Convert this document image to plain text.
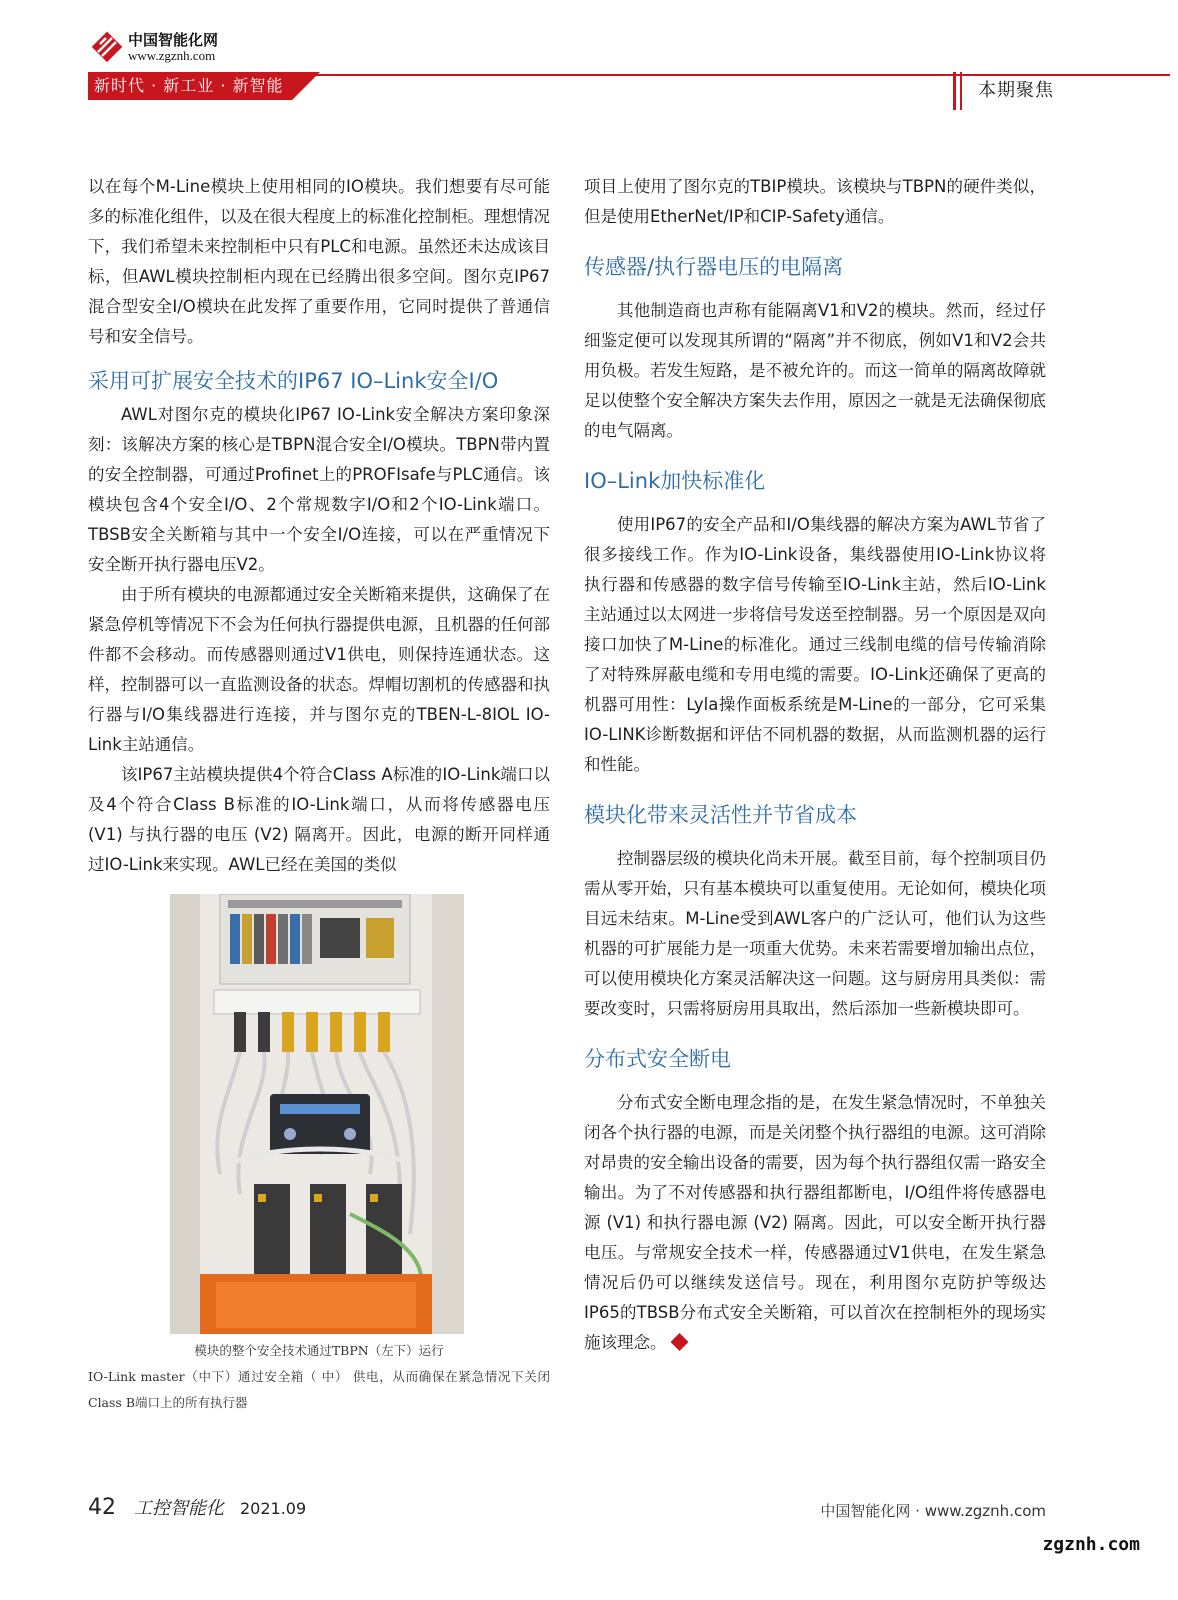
中国智能化网
www.zgznh.com
新时代 · 新工业 · 新智能	本期聚焦

以在每个M-Line模块上使用相同的IO模块。我们想要有尽可能多的标准化组件，以及在很大程度上的标准化控制柜。理想情况下，我们希望未来控制柜中只有PLC和电源。虽然还未达成该目标，但AWL模块控制柜内现在已经腾出很多空间。图尔克IP67混合型安全I/O模块在此发挥了重要作用，它同时提供了普通信号和安全信号。

采用可扩展安全技术的IP67 IO–Link安全I/O

AWL对图尔克的模块化IP67 IO-Link安全解决方案印象深刻：该解决方案的核心是TBPN混合安全I/O模块。TBPN带内置的安全控制器，可通过Profinet上的PROFIsafe与PLC通信。该模块包含4个安全I/O、2个常规数字I/O和2个IO-Link端口。TBSB安全关断箱与其中一个安全I/O连接，可以在严重情况下安全断开执行器电压V2。

由于所有模块的电源都通过安全关断箱来提供，这确保了在紧急停机等情况下不会为任何执行器提供电源，且机器的任何部件都不会移动。而传感器则通过V1供电，则保持连通状态。这样，控制器可以一直监测设备的状态。焊帽切割机的传感器和执行器与I/O集线器进行连接，并与图尔克的TBEN-L-8IOL IO-Link主站通信。

该IP67主站模块提供4个符合Class A标准的IO-Link端口以及4个符合Class B标准的IO-Link端口，从而将传感器电压 (V1) 与执行器的电压 (V2) 隔离开。因此，电源的断开同样通过IO-Link来实现。AWL已经在美国的类似

模块的整个安全技术通过TBPN（左下）运行
IO-Link master（中下）通过安全箱（ 中） 供电，从而确保在紧急情况下关闭Class B端口上的所有执行器

项目上使用了图尔克的TBIP模块。该模块与TBPN的硬件类似，但是使用EtherNet/IP和CIP-Safety通信。

传感器/执行器电压的电隔离

其他制造商也声称有能隔离V1和V2的模块。然而，经过仔细鉴定便可以发现其所谓的“隔离”并不彻底，例如V1和V2会共用负极。若发生短路，是不被允许的。而这一简单的隔离故障就足以使整个安全解决方案失去作用，原因之一就是无法确保彻底的电气隔离。

IO–Link加快标准化

使用IP67的安全产品和I/O集线器的解决方案为AWL节省了很多接线工作。作为IO-Link设备，集线器使用IO-Link协议将执行器和传感器的数字信号传输至IO-Link主站，然后IO-Link主站通过以太网进一步将信号发送至控制器。另一个原因是双向接口加快了M-Line的标准化。通过三线制电缆的信号传输消除了对特殊屏蔽电缆和专用电缆的需要。IO-Link还确保了更高的机器可用性：Lyla操作面板系统是M-Line的一部分，它可采集IO-LINK诊断数据和评估不同机器的数据，从而监测机器的运行和性能。

模块化带来灵活性并节省成本

控制器层级的模块化尚未开展。截至目前，每个控制项目仍需从零开始，只有基本模块可以重复使用。无论如何，模块化项目远未结束。M-Line受到AWL客户的广泛认可，他们认为这些机器的可扩展能力是一项重大优势。未来若需要增加输出点位，可以使用模块化方案灵活解决这一问题。这与厨房用具类似：需要改变时，只需将厨房用具取出，然后添加一些新模块即可。

分布式安全断电

分布式安全断电理念指的是，在发生紧急情况时，不单独关闭各个执行器的电源，而是关闭整个执行器组的电源。这可消除对昂贵的安全输出设备的需要，因为每个执行器组仅需一路安全输出。为了不对传感器和执行器组都断电，I/O组件将传感器电源 (V1) 和执行器电源 (V2) 隔离。因此，可以安全断开执行器电压。与常规安全技术一样，传感器通过V1供电，在发生紧急情况后仍可以继续发送信号。现在，利用图尔克防护等级达IP65的TBSB分布式安全关断箱，可以首次在控制柜外的现场实施该理念。

42 工控智能化 2021.09	中国智能化网 · www.zgznh.com
zgznh.com
